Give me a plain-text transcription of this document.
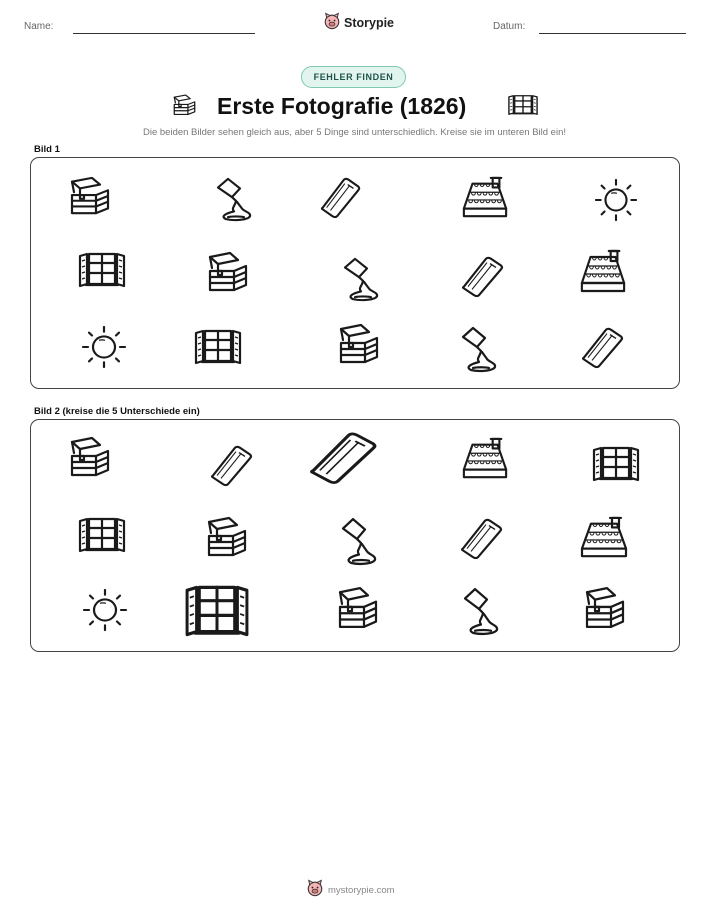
Name:	Storypie	Datum:
FEHLER FINDEN
Erste Fotografie (1826)
Die beiden Bilder sehen gleich aus, aber 5 Dinge sind unterschiedlich. Kreise sie im unteren Bild ein!
Bild 1
Bild 2 (kreise die 5 Unterschiede ein)
mystorypie.com
